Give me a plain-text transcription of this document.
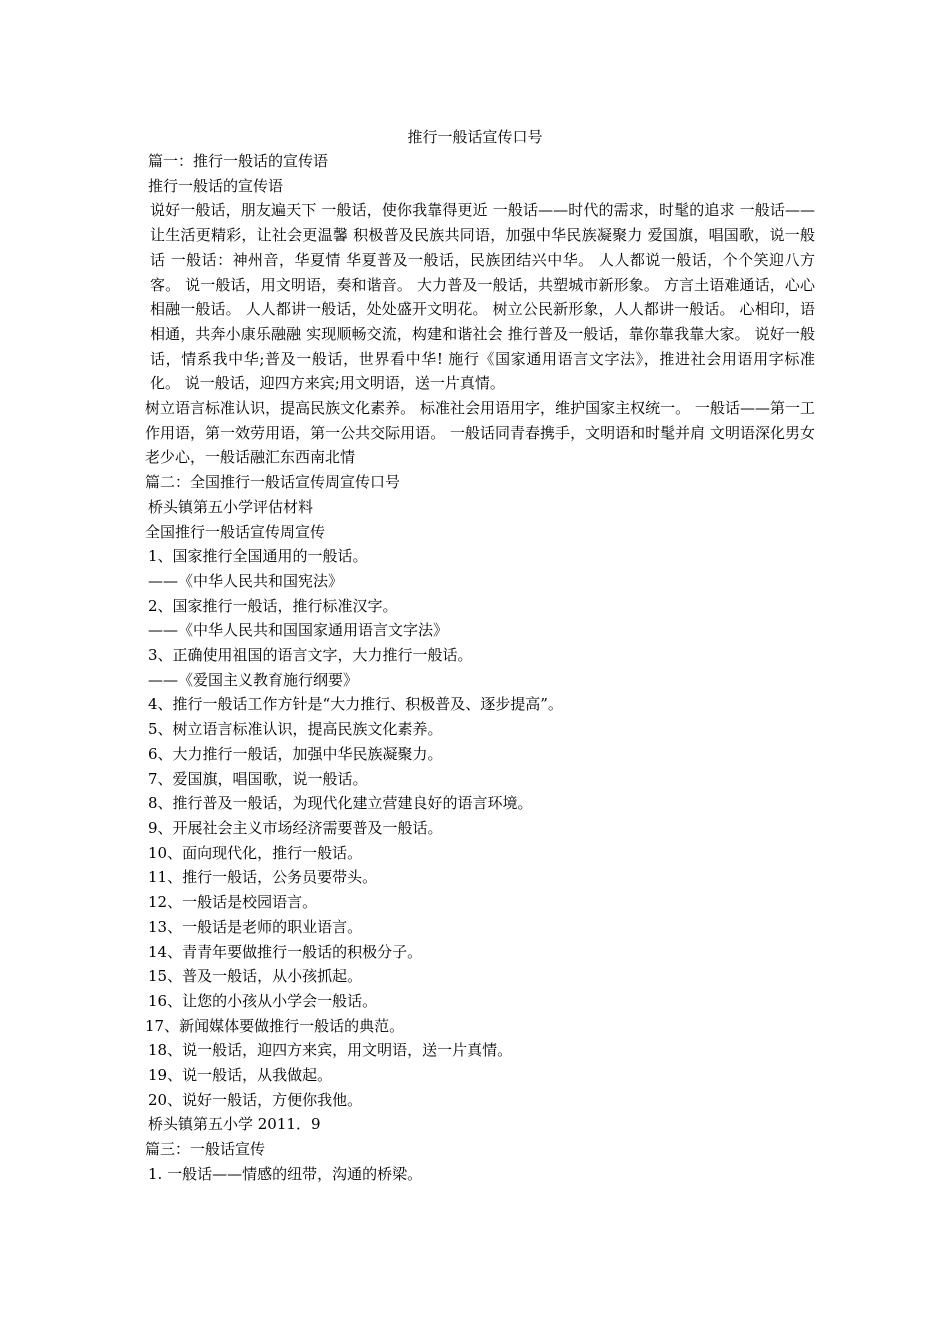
推行一般话宣传口号
篇一：推行一般话的宣传语
推行一般话的宣传语
说好一般话，朋友遍天下 一般话，使你我靠得更近 一般话——时代的需求，时髦的追求 一般话——让生活更精彩，让社会更温馨 积极普及民族共同语，加强中华民族凝聚力 爱国旗，唱国歌，说一般话 一般话：神州音，华夏情 华夏普及一般话，民族团结兴中华。 人人都说一般话，个个笑迎八方客。 说一般话，用文明语，奏和谐音。 大力普及一般话，共塑城市新形象。 方言土语难通话，心心相融一般话。 人人都讲一般话，处处盛开文明花。 树立公民新形象，人人都讲一般话。 心相印，语相通，共奔小康乐融融 实现顺畅交流，构建和谐社会 推行普及一般话，靠你靠我靠大家。 说好一般话，情系我中华;普及一般话，世界看中华! 施行《国家通用语言文字法》，推进社会用语用字标准化。 说一般话，迎四方来宾;用文明语，送一片真情。
树立语言标准认识，提高民族文化素养。 标准社会用语用字，维护国家主权统一。 一般话——第一工作用语，第一效劳用语，第一公共交际用语。 一般话同青春携手，文明语和时髦并肩 文明语深化男女老少心，一般话融汇东西南北情
篇二：全国推行一般话宣传周宣传口号
桥头镇第五小学评估材料
全国推行一般话宣传周宣传
1、国家推行全国通用的一般话。
——《中华人民共和国宪法》
2、国家推行一般话，推行标准汉字。
——《中华人民共和国国家通用语言文字法》
3、正确使用祖国的语言文字，大力推行一般话。
——《爱国主义教育施行纲要》
4、推行一般话工作方针是“大力推行、积极普及、逐步提高”。
5、树立语言标准认识，提高民族文化素养。
6、大力推行一般话，加强中华民族凝聚力。
7、爱国旗，唱国歌，说一般话。
8、推行普及一般话，为现代化建立营建良好的语言环境。
9、开展社会主义市场经济需要普及一般话。
10、面向现代化，推行一般话。
11、推行一般话，公务员要带头。
12、一般话是校园语言。
13、一般话是老师的职业语言。
14、青青年要做推行一般话的积极分子。
15、普及一般话，从小孩抓起。
16、让您的小孩从小学会一般话。
17、新闻媒体要做推行一般话的典范。
18、说一般话，迎四方来宾，用文明语，送一片真情。
19、说一般话，从我做起。
20、说好一般话，方便你我他。
桥头镇第五小学 2011．9
篇三：一般话宣传
1. 一般话——情感的纽带，沟通的桥梁。
